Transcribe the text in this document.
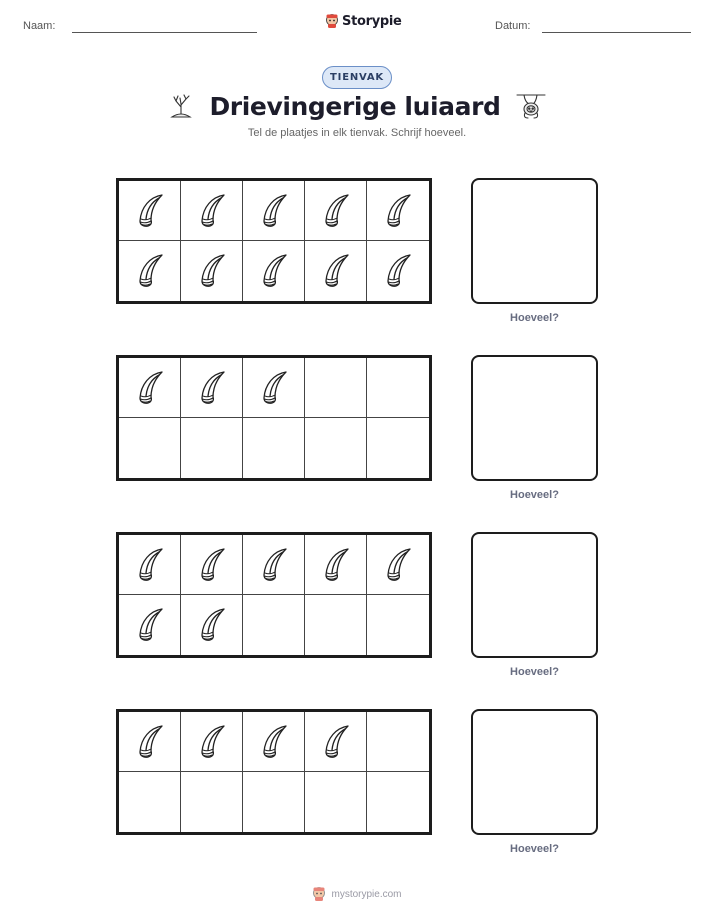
Naam:	Storypie	Datum:
TIENVAK
Drievingerige luiaard
Tel de plaatjes in elk tienvak. Schrijf hoeveel.
Hoeveel?
Hoeveel?
Hoeveel?
Hoeveel?
mystorypie.com
